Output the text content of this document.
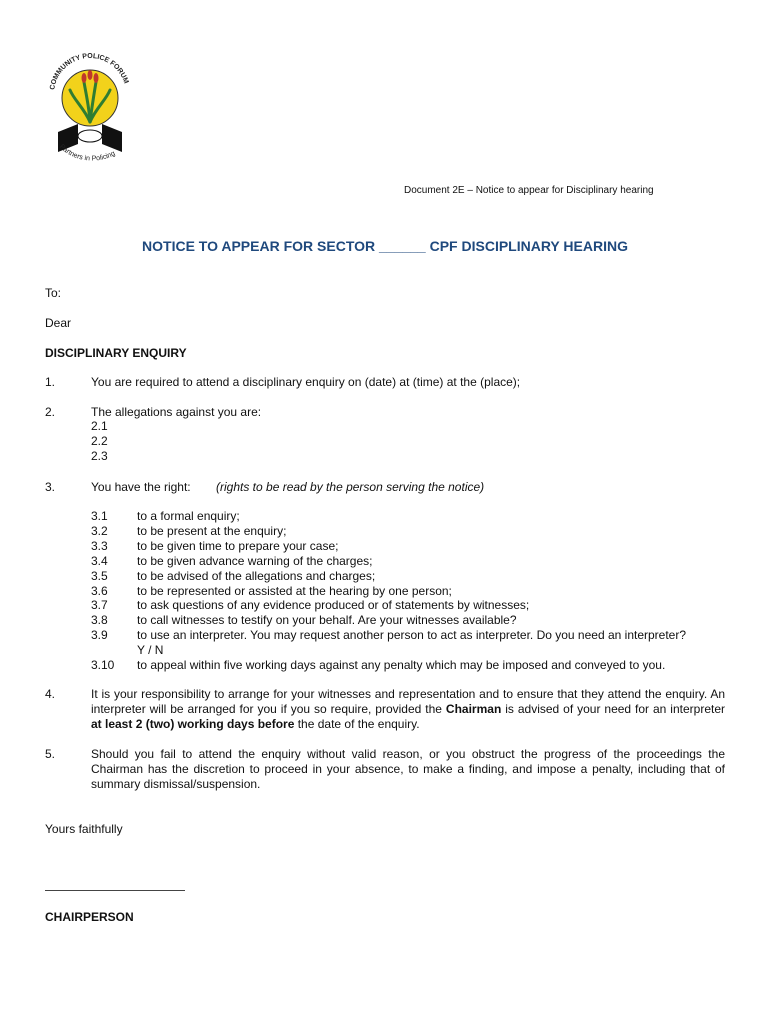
COMMUNITY POLICE FORUM
Partners in Policing
Document 2E – Notice to appear for Disciplinary hearing
NOTICE TO APPEAR FOR SECTOR ______ CPF DISCIPLINARY HEARING
To:
Dear
DISCIPLINARY ENQUIRY
1.	You are required to attend a disciplinary enquiry on (date) at (time) at the (place);
2.	The allegations against you are:
2.1
2.2
2.3
3.	You have the right: (rights to be read by the person serving the notice)
3.1 to a formal enquiry;
3.2 to be present at the enquiry;
3.3 to be given time to prepare your case;
3.4 to be given advance warning of the charges;
3.5 to be advised of the allegations and charges;
3.6 to be represented or assisted at the hearing by one person;
3.7 to ask questions of any evidence produced or of statements by witnesses;
3.8 to call witnesses to testify on your behalf. Are your witnesses available?
3.9 to use an interpreter. You may request another person to act as interpreter. Do you need an interpreter?
Y / N
3.10 to appeal within five working days against any penalty which may be imposed and conveyed to you.
4.	It is your responsibility to arrange for your witnesses and representation and to ensure that they attend the enquiry. An interpreter will be arranged for you if you so require, provided the Chairman is advised of your need for an interpreter at least 2 (two) working days before the date of the enquiry.
5.	Should you fail to attend the enquiry without valid reason, or you obstruct the progress of the proceedings the Chairman has the discretion to proceed in your absence, to make a finding, and impose a penalty, including that of summary dismissal/suspension.
Yours faithfully
CHAIRPERSON
